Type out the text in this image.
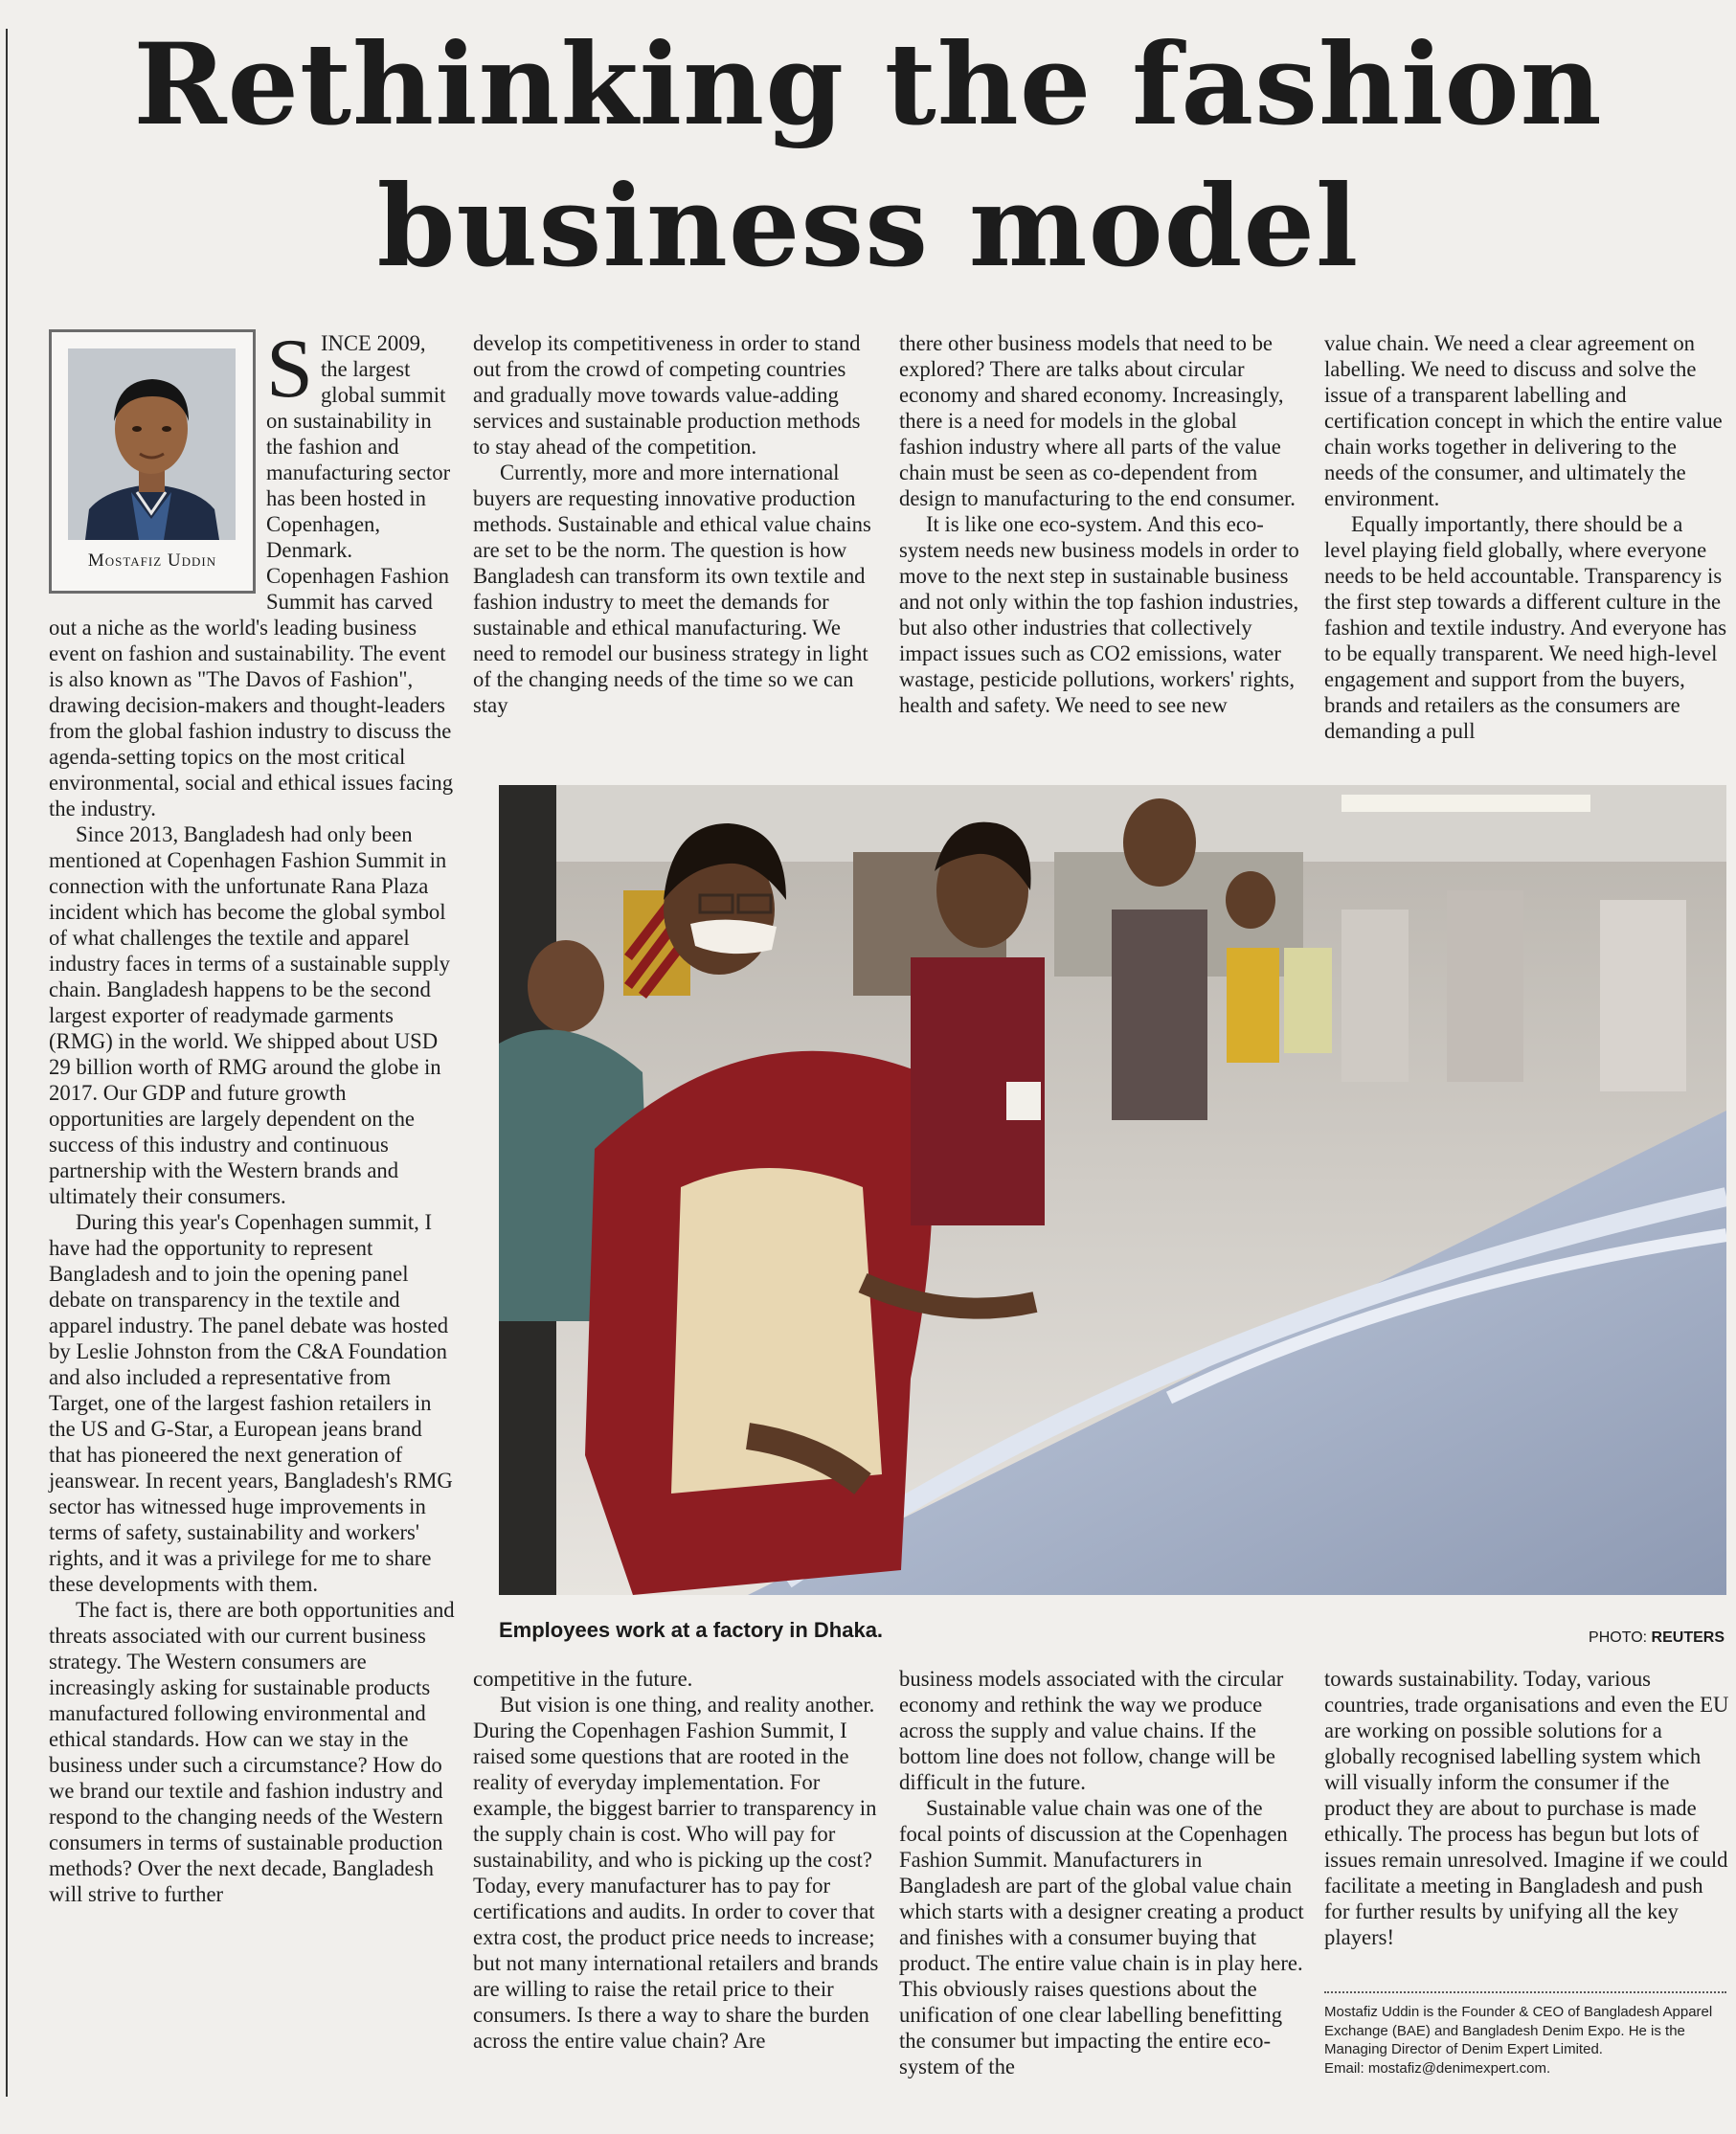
Rethinking the fashion
business model
Mostafiz Uddin

SINCE 2009, the largest global summit on sustainability in the fashion and manufacturing sector has been hosted in Copenhagen, Denmark. Copenhagen Fashion Summit has carved out a niche as the world's leading business event on fashion and sustainability. The event is also known as "The Davos of Fashion", drawing decision-makers and thought-leaders from the global fashion industry to discuss the agenda-setting topics on the most critical environmental, social and ethical issues facing the industry.

Since 2013, Bangladesh had only been mentioned at Copenhagen Fashion Summit in connection with the unfortunate Rana Plaza incident which has become the global symbol of what challenges the textile and apparel industry faces in terms of a sustainable supply chain. Bangladesh happens to be the second largest exporter of readymade garments (RMG) in the world. We shipped about USD 29 billion worth of RMG around the globe in 2017. Our GDP and future growth opportunities are largely dependent on the success of this industry and continuous partnership with the Western brands and ultimately their consumers.

During this year's Copenhagen summit, I have had the opportunity to represent Bangladesh and to join the opening panel debate on transparency in the textile and apparel industry. The panel debate was hosted by Leslie Johnston from the C&A Foundation and also included a representative from Target, one of the largest fashion retailers in the US and G-Star, a European jeans brand that has pioneered the next generation of jeanswear. In recent years, Bangladesh's RMG sector has witnessed huge improvements in terms of safety, sustainability and workers' rights, and it was a privilege for me to share these developments with them.

The fact is, there are both opportunities and threats associated with our current business strategy. The Western consumers are increasingly asking for sustainable products manufactured following environmental and ethical standards. How can we stay in the business under such a circumstance? How do we brand our textile and fashion industry and respond to the changing needs of the Western consumers in terms of sustainable production methods? Over the next decade, Bangladesh will strive to further

develop its competitiveness in order to stand out from the crowd of competing countries and gradually move towards value-adding services and sustainable production methods to stay ahead of the competition.

Currently, more and more international buyers are requesting innovative production methods. Sustainable and ethical value chains are set to be the norm. The question is how Bangladesh can transform its own textile and fashion industry to meet the demands for sustainable and ethical manufacturing. We need to remodel our business strategy in light of the changing needs of the time so we can stay

there other business models that need to be explored? There are talks about circular economy and shared economy. Increasingly, there is a need for models in the global fashion industry where all parts of the value chain must be seen as co-dependent from design to manufacturing to the end consumer.

It is like one eco-system. And this eco-system needs new business models in order to move to the next step in sustainable business and not only within the top fashion industries, but also other industries that collectively impact issues such as CO2 emissions, water wastage, pesticide pollutions, workers' rights, health and safety. We need to see new

value chain. We need a clear agreement on labelling. We need to discuss and solve the issue of a transparent labelling and certification concept in which the entire value chain works together in delivering to the needs of the consumer, and ultimately the environment.

Equally importantly, there should be a level playing field globally, where everyone needs to be held accountable. Transparency is the first step towards a different culture in the fashion and textile industry. And everyone has to be equally transparent. We need high-level engagement and support from the buyers, brands and retailers as the consumers are demanding a pull

Employees work at a factory in Dhaka.	PHOTO: REUTERS

competitive in the future.

But vision is one thing, and reality another. During the Copenhagen Fashion Summit, I raised some questions that are rooted in the reality of everyday implementation. For example, the biggest barrier to transparency in the supply chain is cost. Who will pay for sustainability, and who is picking up the cost? Today, every manufacturer has to pay for certifications and audits. In order to cover that extra cost, the product price needs to increase; but not many international retailers and brands are willing to raise the retail price to their consumers. Is there a way to share the burden across the entire value chain? Are

business models associated with the circular economy and rethink the way we produce across the supply and value chains. If the bottom line does not follow, change will be difficult in the future.

Sustainable value chain was one of the focal points of discussion at the Copenhagen Fashion Summit. Manufacturers in Bangladesh are part of the global value chain which starts with a designer creating a product and finishes with a consumer buying that product. The entire value chain is in play here. This obviously raises questions about the unification of one clear labelling benefitting the consumer but impacting the entire eco-system of the

towards sustainability. Today, various countries, trade organisations and even the EU are working on possible solutions for a globally recognised labelling system which will visually inform the consumer if the product they are about to purchase is made ethically. The process has begun but lots of issues remain unresolved. Imagine if we could facilitate a meeting in Bangladesh and push for further results by unifying all the key players!

Mostafiz Uddin is the Founder & CEO of Bangladesh Apparel Exchange (BAE) and Bangladesh Denim Expo. He is the Managing Director of Denim Expert Limited.

Email: mostafiz@denimexpert.com.
